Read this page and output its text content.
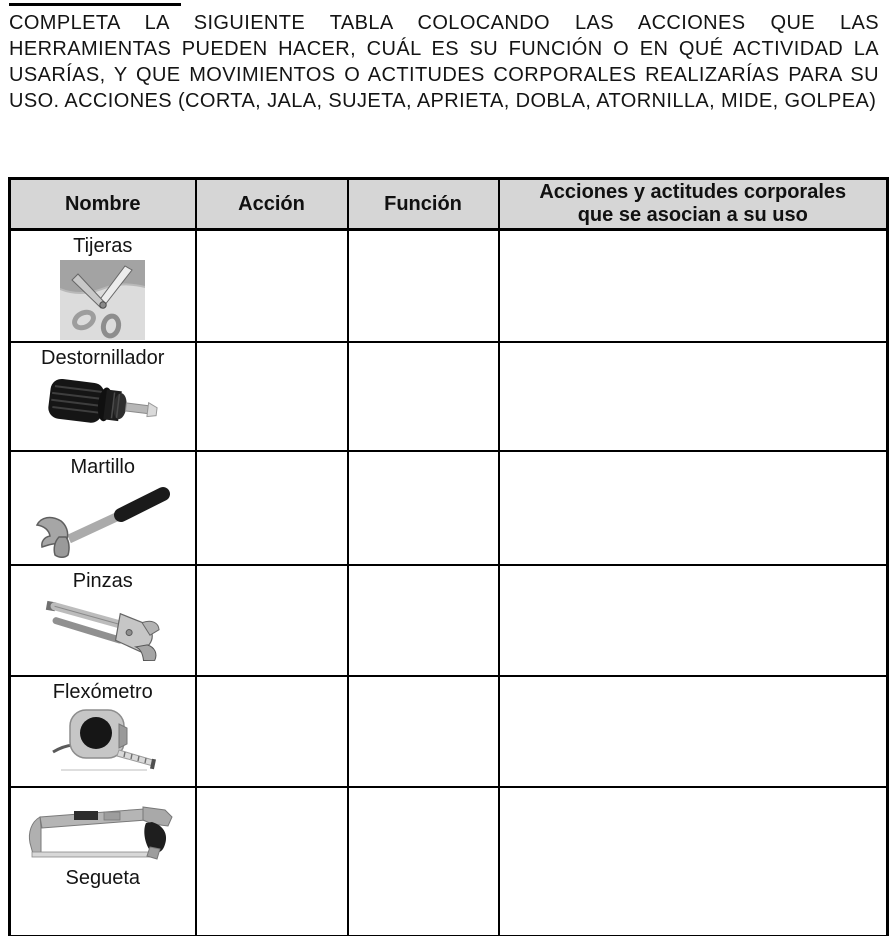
COMPLETA LA SIGUIENTE TABLA COLOCANDO LAS ACCIONES QUE LAS HERRAMIENTAS PUEDEN HACER, CUÁL ES SU FUNCIÓN O EN QUÉ ACTIVIDAD LA USARÍAS, Y QUE MOVIMIENTOS O ACTITUDES CORPORALES REALIZARÍAS PARA SU USO. ACCIONES (CORTA, JALA, SUJETA, APRIETA, DOBLA, ATORNILLA, MIDE, GOLPEA)

Nombre	Acción	Función	Acciones y actitudes corporales que se asocian a su uso

Tijeras			

Destornillador			

Martillo			

Pinzas			

Flexómetro			

Segueta			
